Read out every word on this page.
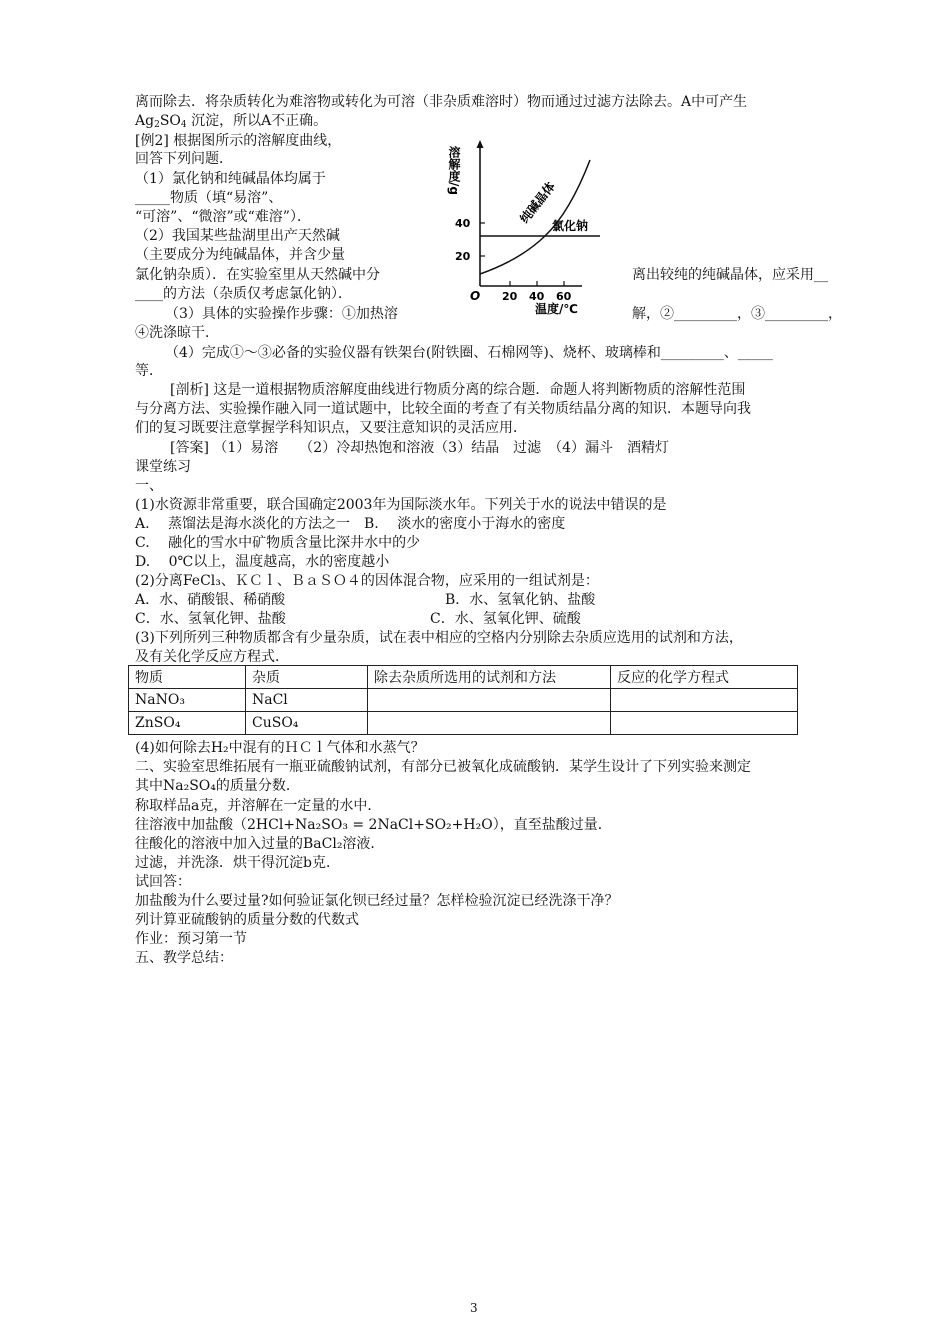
离而除去．将杂质转化为难溶物或转化为可溶（非杂质难溶时）物而通过过滤方法除去。A中可产生
$Ag_2SO_4$ 沉淀，所以A不正确。
[例2] 根据图所示的溶解度曲线，
回答下列问题．
（1）氯化钠和纯碱晶体均属于
_____物质（填“易溶”、
“可溶”、“微溶”或“难溶”）．
（2）我国某些盐湖里出产天然碱
（主要成分为纯碱晶体，并含少量
氯化钠杂质）．在实验室里从天然碱中分	离出较纯的纯碱晶体，应采用__
____的方法（杂质仅考虑氯化钠）．
（3）具体的实验操作步骤：①加热溶	解，②_________，③_________，
④洗涤晾干．
（4）完成①～③必备的实验仪器有铁架台(附铁圈、石棉网等)、烧杯、玻璃棒和_________、_____
等．
[剖析] 这是一道根据物质溶解度曲线进行物质分离的综合题．命题人将判断物质的溶解性范围
与分离方法、实验操作融入同一道试题中，比较全面的考查了有关物质结晶分离的知识．本题导向我
们的复习既要注意掌握学科知识点，又要注意知识的灵活应用．
[答案] （1）易溶　　（2）冷却热饱和溶液（3）结晶　过滤　（4）漏斗　酒精灯
课堂练习
一、
(1)水资源非常重要，联合国确定2003年为国际淡水年。下列关于水的说法中错误的是
A.　 蒸馏法是海水淡化的方法之一　B.　 淡水的密度小于海水的密度
C.　 融化的雪水中矿物质含量比深井水中的少
D.　 0℃以上，温度越高，水的密度越小
(2)分离FeCl₃、ＫＣｌ、ＢａＳＯ４的因体混合物，应采用的一组试剂是：
A．水、硝酸银、稀硝酸	B．水、氢氧化钠、盐酸
C．水、氢氧化钾、盐酸	C．水、氢氧化钾、硫酸
(3)下列所列三种物质都含有少量杂质，试在表中相应的空格内分别除去杂质应选用的试剂和方法，
及有关化学反应方程式．
物质	杂质	除去杂质所选用的试剂和方法	反应的化学方程式
NaNO₃	NaCl		
ZnSO₄	CuSO₄		
(4)如何除去H₂中混有的ＨＣｌ气体和水蒸气？
二、实验室思维拓展有一瓶亚硫酸钠试剂，有部分已被氧化成硫酸钠．某学生设计了下列实验来测定
其中Na₂SO₄的质量分数．
称取样品a克，并溶解在一定量的水中．
往溶液中加盐酸（2HCl+Na₂SO₃ = 2NaCl+SO₂+H₂O），直至盐酸过量．
往酸化的溶液中加入过量的BaCl₂溶液．
过滤，并洗涤．烘干得沉淀b克．
试回答：
加盐酸为什么要过量?如何验证氯化钡已经过量？怎样检验沉淀已经洗涤干净？
列计算亚硫酸钠的质量分数的代数式
作业：预习第一节
五、教学总结：
溶解度/g
20
40
O 20 40 60
温度/℃
纯碱晶体
氯化钠
3
